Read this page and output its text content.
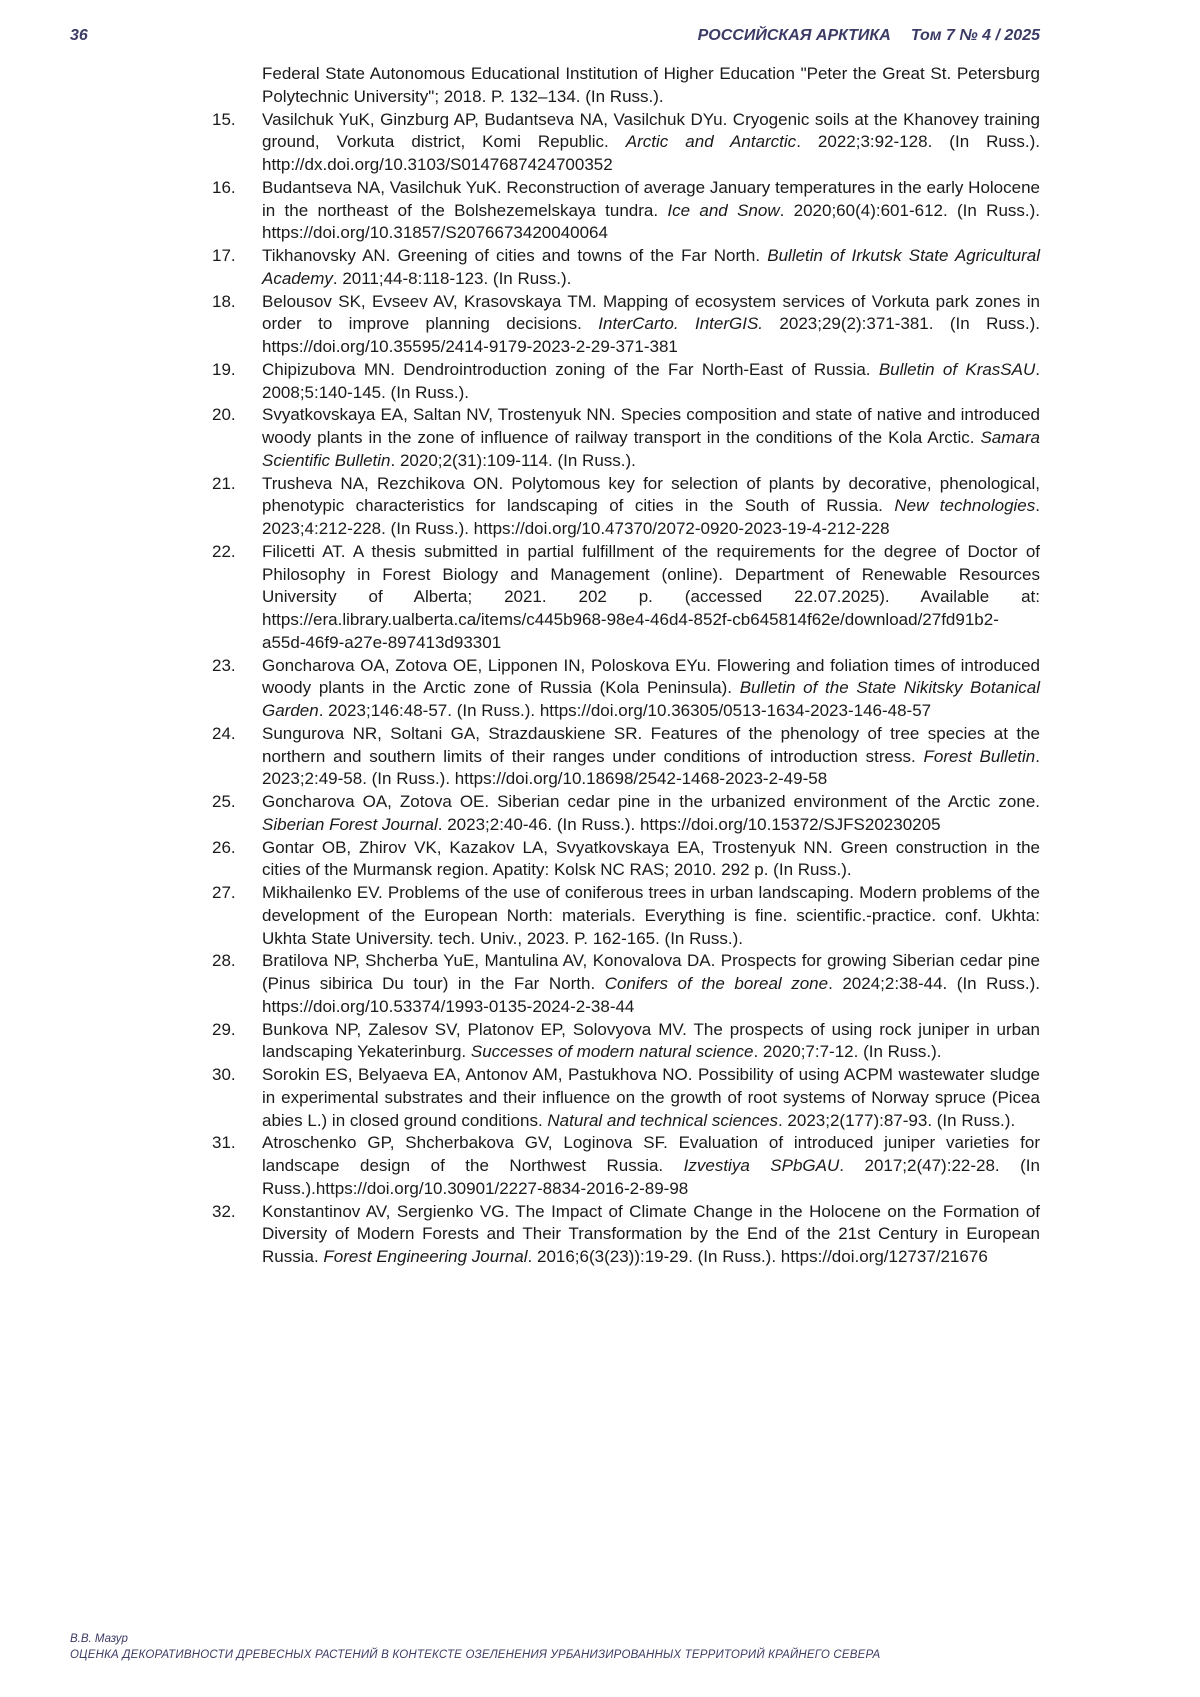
36	РОССИЙСКАЯ АРКТИКА Том 7 № 4 / 2025

Federal State Autonomous Educational Institution of Higher Education "Peter the Great St. Petersburg Polytechnic University"; 2018. P. 132–134. (In Russ.).

15. Vasilchuk YuK, Ginzburg AP, Budantseva NA, Vasilchuk DYu. Cryogenic soils at the Khanovey training ground, Vorkuta district, Komi Republic. Arctic and Antarctic. 2022;3:92-128. (In Russ.). http://dx.doi.org/10.3103/S0147687424700352
16. Budantseva NA, Vasilchuk YuK. Reconstruction of average January temperatures in the early Holocene in the northeast of the Bolshezemelskaya tundra. Ice and Snow. 2020;60(4):601-612. (In Russ.). https://doi.org/10.31857/S2076673420040064
17. Tikhanovsky AN. Greening of cities and towns of the Far North. Bulletin of Irkutsk State Agricultural Academy. 2011;44-8:118-123. (In Russ.).
18. Belousov SK, Evseev AV, Krasovskaya TM. Mapping of ecosystem services of Vorkuta park zones in order to improve planning decisions. InterCarto. InterGIS. 2023;29(2):371-381. (In Russ.). https://doi.org/10.35595/2414-9179-2023-2-29-371-381
19. Chipizubova MN. Dendrointroduction zoning of the Far North-East of Russia. Bulletin of KrasSAU. 2008;5:140-145. (In Russ.).
20. Svyatkovskaya EA, Saltan NV, Trostenyuk NN. Species composition and state of native and introduced woody plants in the zone of influence of railway transport in the conditions of the Kola Arctic. Samara Scientific Bulletin. 2020;2(31):109-114. (In Russ.).
21. Trusheva NA, Rezchikova ON. Polytomous key for selection of plants by decorative, phenological, phenotypic characteristics for landscaping of cities in the South of Russia. New technologies. 2023;4:212-228. (In Russ.). https://doi.org/10.47370/2072-0920-2023-19-4-212-228
22. Filicetti AT. A thesis submitted in partial fulfillment of the requirements for the degree of Doctor of Philosophy in Forest Biology and Management (online). Department of Renewable Resources University of Alberta; 2021. 202 p. (accessed 22.07.2025). Available at: https://era.library.ualberta.ca/items/c445b968-98e4-46d4-852f-cb645814f62e/download/27fd91b2-a55d-46f9-a27e-897413d93301
23. Goncharova OA, Zotova OE, Lipponen IN, Poloskova EYu. Flowering and foliation times of introduced woody plants in the Arctic zone of Russia (Kola Peninsula). Bulletin of the State Nikitsky Botanical Garden. 2023;146:48-57. (In Russ.). https://doi.org/10.36305/0513-1634-2023-146-48-57
24. Sungurova NR, Soltani GA, Strazdauskiene SR. Features of the phenology of tree species at the northern and southern limits of their ranges under conditions of introduction stress. Forest Bulletin. 2023;2:49-58. (In Russ.). https://doi.org/10.18698/2542-1468-2023-2-49-58
25. Goncharova OA, Zotova OE. Siberian cedar pine in the urbanized environment of the Arctic zone. Siberian Forest Journal. 2023;2:40-46. (In Russ.). https://doi.org/10.15372/SJFS20230205
26. Gontar OB, Zhirov VK, Kazakov LA, Svyatkovskaya EA, Trostenyuk NN. Green construction in the cities of the Murmansk region. Apatity: Kolsk NC RAS; 2010. 292 p. (In Russ.).
27. Mikhailenko EV. Problems of the use of coniferous trees in urban landscaping. Modern problems of the development of the European North: materials. Everything is fine. scientific.-practice. conf. Ukhta: Ukhta State University. tech. Univ., 2023. P. 162-165. (In Russ.).
28. Bratilova NP, Shcherba YuE, Mantulina AV, Konovalova DA. Prospects for growing Siberian cedar pine (Pinus sibirica Du tour) in the Far North. Conifers of the boreal zone. 2024;2:38-44. (In Russ.). https://doi.org/10.53374/1993-0135-2024-2-38-44
29. Bunkova NP, Zalesov SV, Platonov EP, Solovyova MV. The prospects of using rock juniper in urban landscaping Yekaterinburg. Successes of modern natural science. 2020;7:7-12. (In Russ.).
30. Sorokin ES, Belyaeva EA, Antonov AM, Pastukhova NO. Possibility of using ACPM wastewater sludge in experimental substrates and their influence on the growth of root systems of Norway spruce (Picea abies L.) in closed ground conditions. Natural and technical sciences. 2023;2(177):87-93. (In Russ.).
31. Atroschenko GP, Shcherbakova GV, Loginova SF. Evaluation of introduced juniper varieties for landscape design of the Northwest Russia. Izvestiya SPbGAU. 2017;2(47):22-28. (In Russ.).https://doi.org/10.30901/2227-8834-2016-2-89-98
32. Konstantinov AV, Sergienko VG. The Impact of Climate Change in the Holocene on the Formation of Diversity of Modern Forests and Their Transformation by the End of the 21st Century in European Russia. Forest Engineering Journal. 2016;6(3(23)):19-29. (In Russ.). https://doi.org/12737/21676
В.В. Мазур
ОЦЕНКА ДЕКОРАТИВНОСТИ ДРЕВЕСНЫХ РАСТЕНИЙ В КОНТЕКСТЕ ОЗЕЛЕНЕНИЯ УРБАНИЗИРОВАННЫХ ТЕРРИТОРИЙ КРАЙНЕГО СЕВЕРА
